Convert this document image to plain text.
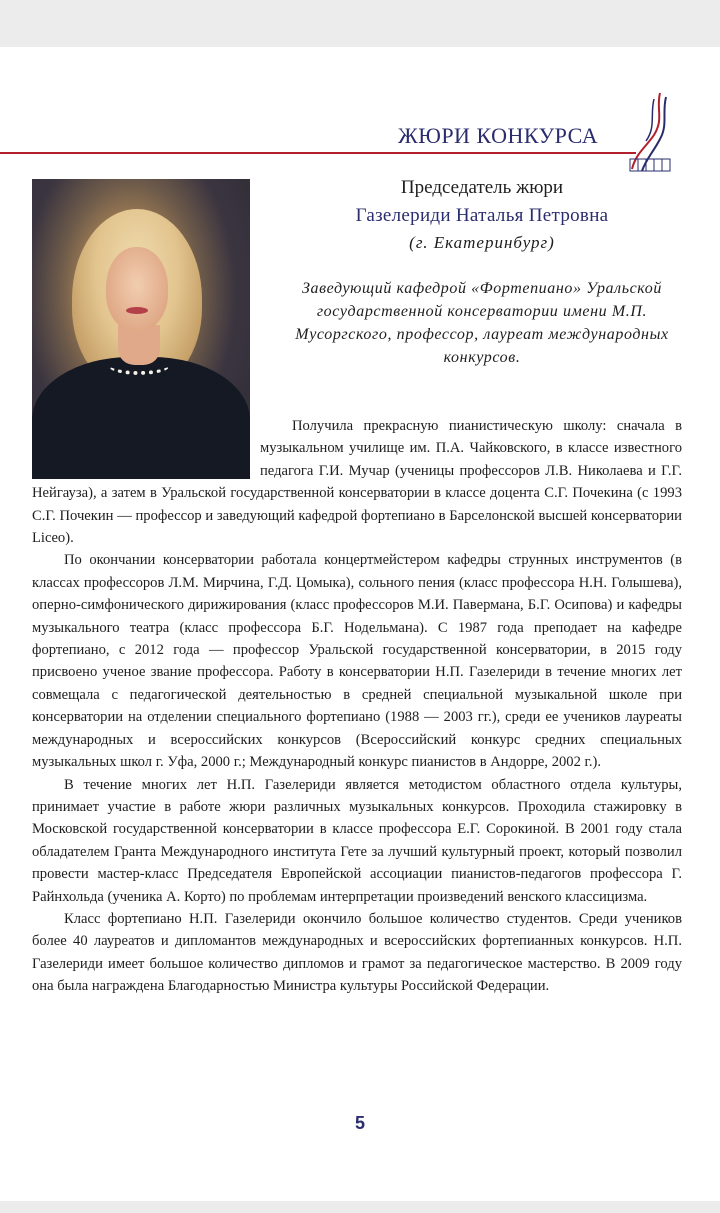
ЖЮРИ КОНКУРСА

Председатель жюри

Газелериди Наталья Петровна

(г. Екатеринбург)

Заведующий кафедрой «Фортепиано» Уральской государственной консерватории имени М.П. Мусоргского, профессор, лауреат международных конкурсов.

Получила прекрасную пианистическую школу: сначала в музыкальном училище им. П.А. Чайковского, в классе известного педагога Г.И. Мучар (ученицы профессоров Л.В. Николаева и Г.Г. Нейгауза), а затем в Уральской государственной консерватории в классе доцента С.Г. Почекина (с 1993 С.Г. Почекин — профессор и заведующий кафедрой фортепиано в Барселонской высшей консерватории Liceo).

По окончании консерватории работала концертмейстером кафедры струнных инструментов (в классах профессоров Л.М. Мирчина, Г.Д. Цомыка), сольного пения (класс профессора Н.Н. Голышева), оперно-симфонического дирижирования (класс профессоров М.И. Павермана, Б.Г. Осипова) и кафедры музыкального театра (класс профессора Б.Г. Нодельмана). С 1987 года преподает на кафедре фортепиано, с 2012 года — профессор Уральской государственной консерватории, в 2015 году присвоено ученое звание профессора. Работу в консерватории Н.П. Газелериди в течение многих лет совмещала с педагогической деятельностью в средней специальной музыкальной школе при консерватории на отделении специального фортепиано (1988 — 2003 гг.), среди ее учеников лауреаты международных и всероссийских конкурсов (Всероссийский конкурс средних специальных музыкальных школ г. Уфа, 2000 г.; Международный конкурс пианистов в Андорре, 2002 г.).

В течение многих лет Н.П. Газелериди является методистом областного отдела культуры, принимает участие в работе жюри различных музыкальных конкурсов. Проходила стажировку в Московской государственной консерватории в классе профессора Е.Г. Сорокиной. В 2001 году стала обладателем Гранта Международного института Гете за лучший культурный проект, который позволил провести мастер-класс Председателя Европейской ассоциации пианистов-педагогов профессора Г. Райнхольда (ученика А. Корто) по проблемам интерпретации произведений венского классицизма.

Класс фортепиано Н.П. Газелериди окончило большое количество студентов. Среди учеников более 40 лауреатов и дипломантов международных и всероссийских фортепианных конкурсов. Н.П. Газелериди имеет большое количество дипломов и грамот за педагогическое мастерство. В 2009 году она была награждена Благодарностью Министра культуры Российской Федерации.

5
